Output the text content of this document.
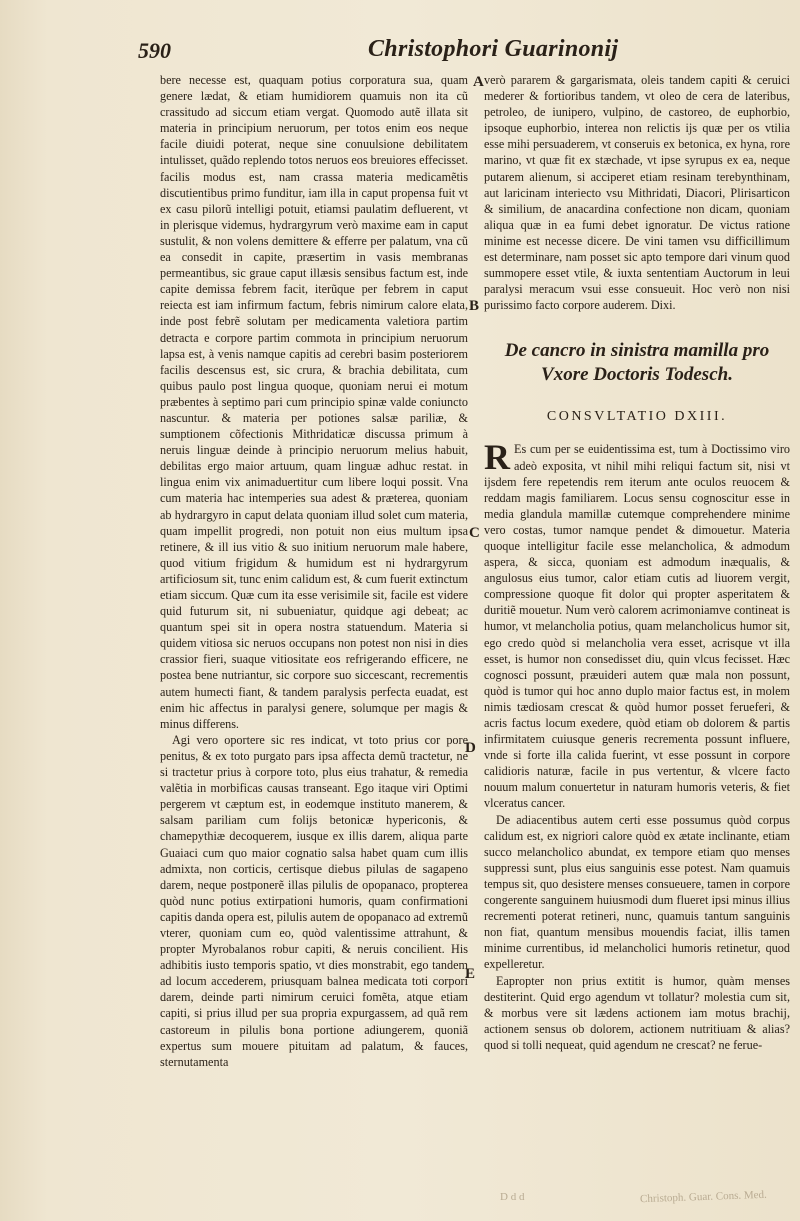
590	Christophori Guarinonij
A
B
C
D
E

bere necesse est, quaquam potius corporatura sua, quam genere lædat, & etiam humidiorem quamuis non ita cũ crassitudo ad siccum etiam vergat. Quomodo autẽ illata sit materia in principium neruorum, per totos enim eos neque facile diuidi poterat, neque sine conuulsione debilitatem intulisset, quãdo replendo totos neruos eos breuiores effecisset. facilis modus est, nam crassa materia medicamẽtis discutientibus primo funditur, iam illa in caput propensa fuit vt ex casu pilorũ intelligi potuit, etiamsi paulatim defluerent, vt in plerisque videmus, hydrargyrum verò maxime eam in caput sustulit, & non volens demittere & efferre per palatum, vna cũ ea consedit in capite, præsertim in vasis membranas permeantibus, sic graue caput illæsis sensibus factum est, inde capite demissa febrem facit, iterũque per febrem in caput reiecta est iam infirmum factum, febris nimirum calore elata, inde post febrẽ solutam per medicamenta valetiora partim detracta e corpore partim commota in principium neruorum lapsa est, à venis namque capitis ad cerebri basim posteriorem facilis descensus est, sic crura, & brachia debilitata, cum quibus paulo post lingua quoque, quoniam nerui ei motum præbentes à septimo pari cum principio spinæ valde coniuncto nascuntur. & materia per potiones salsæ pariliæ, & sumptionem cõfectionis Mithridaticæ discussa primum à neruis linguæ deinde à principio neruorum melius habuit, debilitas ergo maior artuum, quam linguæ adhuc restat. in lingua enim vix animaduertitur cum libere loqui possit. Vna cum materia hac intemperies sua adest & præterea, quoniam ab hydrargyro in caput delata quoniam illud solet cum materia, quam impellit progredi, non potuit non eius multum ipsa retinere, & ill ius vitio & suo initium neruorum male habere, quod vitium frigidum & humidum est ni hydrargyrum artificiosum sit, tunc enim calidum est, & cum fuerit extinctum etiam siccum. Quæ cum ita esse verisimile sit, facile est videre quid futurum sit, ni subueniatur, quidque agi debeat; ac quantum spei sit in opera nostra statuendum. Materia si quidem vitiosa sic neruos occupans non potest non nisi in dies crassior fieri, suaque vitiositate eos refrigerando efficere, ne postea bene nutriantur, sic corpore suo siccescant, recrementis autem humecti fiant, & tandem paralysis perfecta euadat, est enim hic affectus in paralysi genere, solumque per magis & minus differens.

Agi vero oportere sic res indicat, vt toto prius cor pore penitus, & ex toto purgato pars ipsa affecta demũ tractetur, ne si tractetur prius à corpore toto, plus eius trahatur, & remedia valẽtia in morbificas causas transeant. Ego itaque viri Optimi pergerem vt cæptum est, in eodemque instituto manerem, & salsam pariliam cum folijs betonicæ hypericonis, & chamepythiæ decoquerem, iusque ex illis darem, aliqua parte Guaiaci cum quo maior cognatio salsa habet quam cum illis admixta, non corticis, certisque diebus pilulas de sagapeno darem, neque postponerẽ illas pilulis de opopanaco, propterea quòd nunc potius extirpationi humoris, quam confirmationi capitis danda opera est, pilulis autem de opopanaco ad extremũ vterer, quoniam cum eo, quòd valentissime attrahunt, & propter Myrobalanos robur capiti, & neruis concilient. His adhibitis iusto temporis spatio, vt dies monstrabit, ego tandem ad locum accederem, priusquam balnea medicata toti corpori darem, deinde parti nimirum ceruici fomẽta, atque etiam capiti, si prius illud per sua propria expurgassem, ad quã rem castoreum in pilulis bona portione adiungerem, quoniã expertus sum mouere pituitam ad palatum, & fauces, sternutamenta

verò pararem & gargarismata, oleis tandem capiti & ceruici mederer & fortioribus tandem, vt oleo de cera de lateribus, petroleo, de iunipero, vulpino, de castoreo, de euphorbio, ipsoque euphorbio, interea non relictis ijs quæ per os vtilia esse mihi persuaderem, vt conseruis ex betonica, ex hyna, rore marino, vt quæ fit ex stæchade, vt ipse syrupus ex ea, neque putarem alienum, si acciperet etiam resinam terebynthinam, aut laricinam interiecto vsu Mithridati, Diacori, Plirisarticon & similium, de anacardina confectione non dicam, quoniam aliqua quæ in ea fumi debet ignoratur. De victus ratione minime est necesse dicere. De vini tamen vsu difficillimum est determinare, nam posset sic apto tempore dari vinum quod summopere esset vtile, & iuxta sententiam Auctorum in leui paralysi meracum vsui esse consueuit. Hoc verò non nisi purissimo facto corpore auderem. Dixi.

De cancro in sinistra mamilla pro Vxore Doctoris Todesch.
CONSVLTATIO DXIII.

R Es cum per se euidentissima est, tum à Doctissimo viro adeò exposita, vt nihil mihi reliqui factum sit, nisi vt ijsdem fere repetendis rem iterum ante oculos reuocem & reddam magis familiarem. Locus sensu cognoscitur esse in media glandula mamillæ cutemque comprehendere minime vero costas, tumor namque pendet & dimouetur. Materia quoque intelligitur facile esse melancholica, & admodum aspera, & sicca, quoniam est admodum inæqualis, & angulosus eius tumor, calor etiam cutis ad liuorem vergit, compressione quoque fit dolor qui propter asperitatem & duritiẽ mouetur. Num verò calorem acrimoniamve contineat is humor, vt melancholia potius, quam melancholicus humor sit, ego credo quòd si melancholia vera esset, acrisque vt illa esset, is humor non consedisset diu, quin vlcus fecisset. Hæc cognosci possunt, præuideri autem quæ mala non possunt, quòd is tumor qui hoc anno duplo maior factus est, in molem nimis tædiosam crescat & quòd humor posset ferueferi, & acris factus locum exedere, quòd etiam ob dolorem & partis infirmitatem cuiusque generis recrementa possunt influere, vnde si forte illa calida fuerint, vt esse possunt in corpore calidioris naturæ, facile in pus vertentur, & vlcere facto nouum malum conuertetur in naturam humoris veteris, & fiet vlceratus cancer.

De adiacentibus autem certi esse possumus quòd corpus calidum est, ex nigriori calore quòd ex ætate inclinante, etiam succo melancholico abundat, ex tempore etiam quo menses suppressi sunt, plus eius sanguinis esse potest. Nam quamuis tempus sit, quo desistere menses consueuere, tamen in corpore congerente sanguinem huiusmodi dum flueret ipsi minus illius recrementi poterat retineri, nunc, quamuis tantum sanguinis non fiat, quantum mensibus mouendis faciat, illis tamen minime currentibus, id melancholici humoris retinetur, quod expelleretur.

Eapropter non prius extitit is humor, quàm menses destiterint. Quid ergo agendum vt tollatur? molestia cum sit, & morbus vere sit lædens actionem iam motus brachij, actionem sensus ob dolorem, actionem nutritiuam & alias? quod si tolli nequeat, quid agendum ne crescat? ne ferue-

D d d	Christoph. Guar. Cons. Med.
